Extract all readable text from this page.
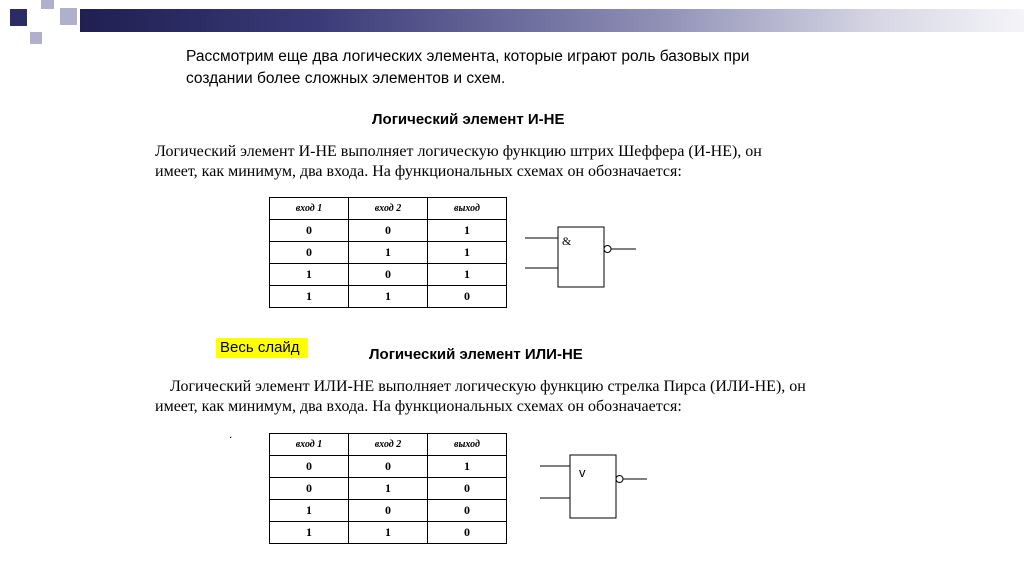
Рассмотрим еще два логических элемента, которые играют роль базовых при
создании более сложных элементов и схем.
Логический элемент И-НЕ
Логический элемент И-НЕ выполняет логическую функцию штрих Шеффера (И-НЕ), он
имеет, как минимум, два входа. На функциональных схемах он обозначается:
вход 1	вход 2	выход
0	0	1
0	1	1
1	0	1
1	1	0
&
Весь слайд	Логический элемент ИЛИ-НЕ
Логический элемент ИЛИ-НЕ выполняет логическую функцию стрелка Пирса (ИЛИ-НЕ), он
имеет, как минимум, два входа. На функциональных схемах он обозначается:
.
вход 1	вход 2	выход
0	0	1
0	1	0
1	0	0
1	1	0
v
